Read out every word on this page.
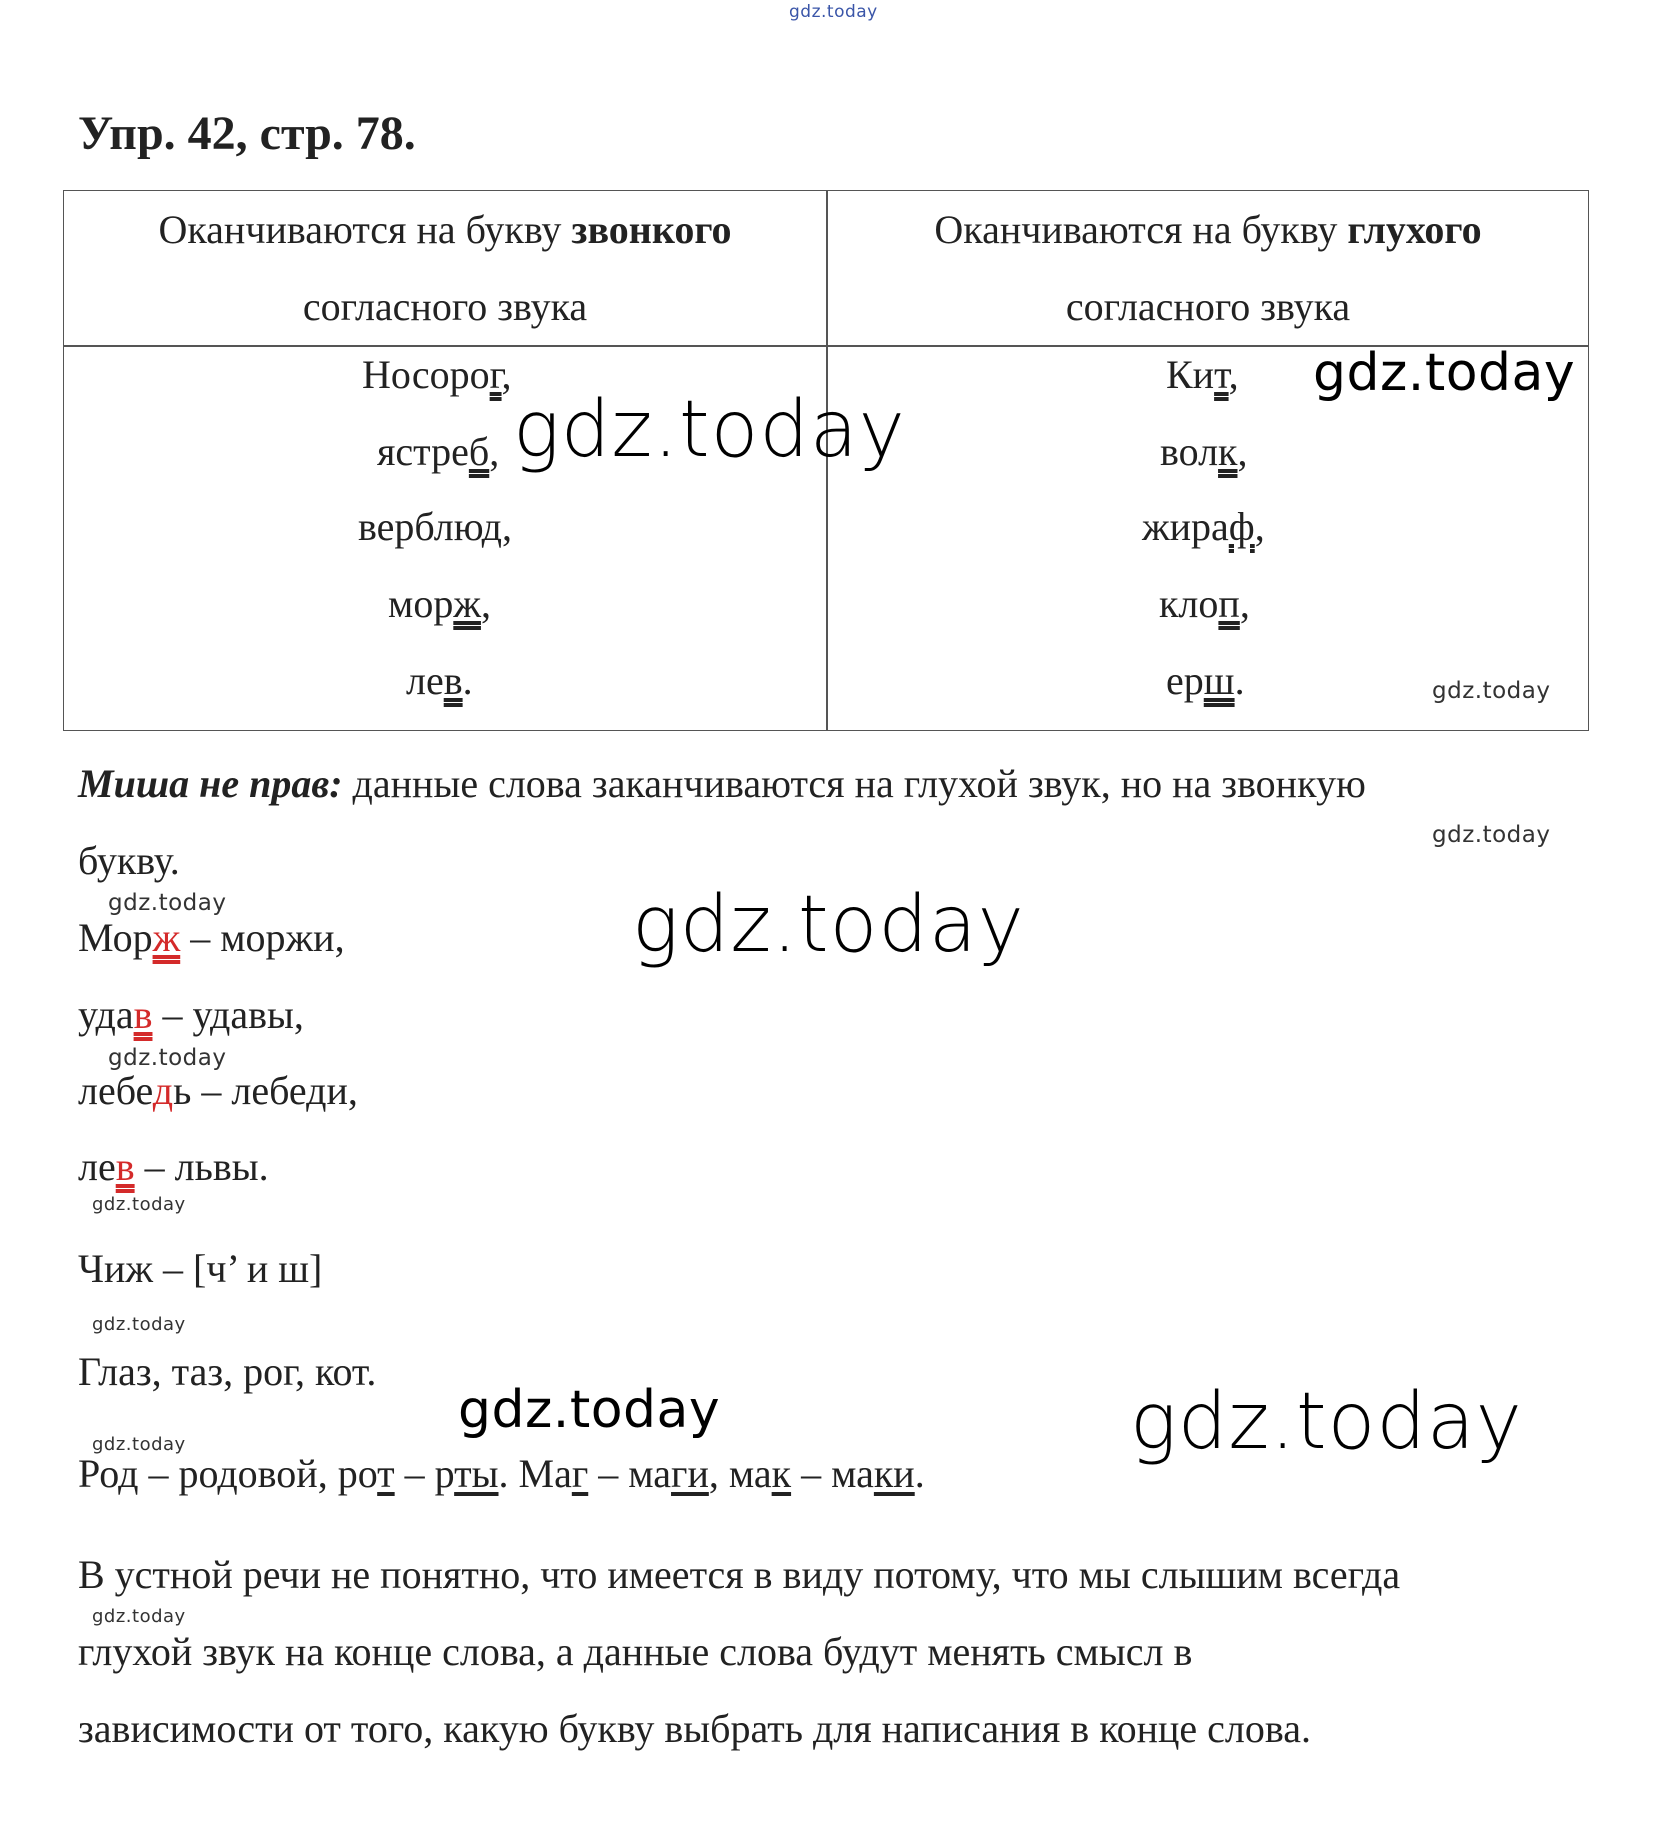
gdz.today
Упр. 42, стр. 78.
Оканчиваются на букву звонкого
согласного звука
Оканчиваются на букву глухого
согласного звука
Носорог,
ястреб,
верблюд,
морж,
лев.
Кит,
волк,
жираф,
клоп,
ерш.
gdz.today
gdz.today
gdz.today
Миша не прав: данные слова заканчиваются на глухой звук, но на звонкую
gdz.today
букву.
gdz.today	gdz.today
Морж – моржи,
удав – удавы,
gdz.today
лебедь – лебеди,
лев – львы.
gdz.today
Чиж – [ч’ и ш]
gdz.today
Глаз, таз, рог, кот.
gdz.today	gdz.today
gdz.today
Род – родовой, рот – рты. Маг – маги, мак – маки.
В устной речи не понятно, что имеется в виду потому, что мы слышим всегда
gdz.today
глухой звук на конце слова, а данные слова будут менять смысл в
зависимости от того, какую букву выбрать для написания в конце слова.
